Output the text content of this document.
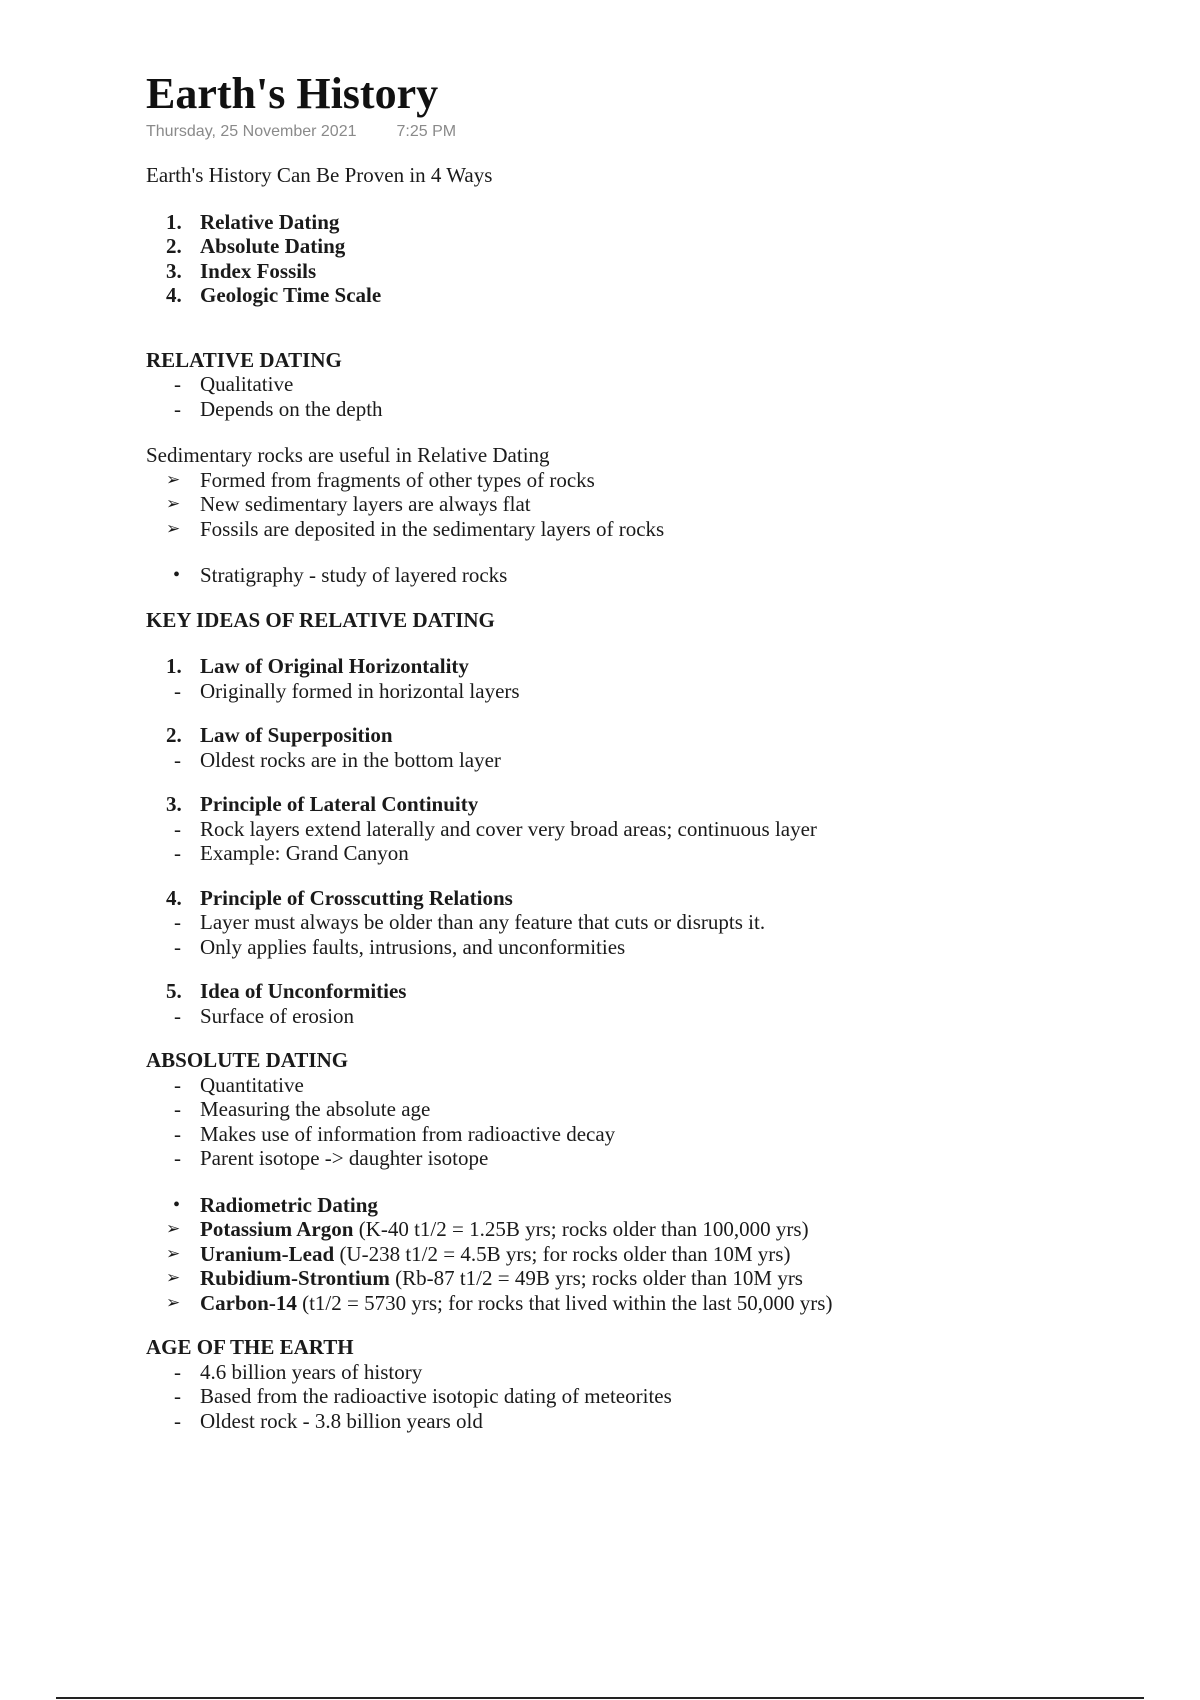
Earth's History
Thursday, 25 November 2021	7:25 PM
Earth's History Can Be Proven in 4 Ways
1. Relative Dating
2. Absolute Dating
3. Index Fossils
4. Geologic Time Scale
RELATIVE DATING
- Qualitative
- Depends on the depth
Sedimentary rocks are useful in Relative Dating
➢ Formed from fragments of other types of rocks
➢ New sedimentary layers are always flat
➢ Fossils are deposited in the sedimentary layers of rocks
• Stratigraphy - study of layered rocks
KEY IDEAS OF RELATIVE DATING
1. Law of Original Horizontality
- Originally formed in horizontal layers
2. Law of Superposition
- Oldest rocks are in the bottom layer
3. Principle of Lateral Continuity
- Rock layers extend laterally and cover very broad areas; continuous layer
- Example: Grand Canyon
4. Principle of Crosscutting Relations
- Layer must always be older than any feature that cuts or disrupts it.
- Only applies faults, intrusions, and unconformities
5. Idea of Unconformities
- Surface of erosion
ABSOLUTE DATING
- Quantitative
- Measuring the absolute age
- Makes use of information from radioactive decay
- Parent isotope -> daughter isotope
• Radiometric Dating
➢ Potassium Argon (K-40 t1/2 = 1.25B yrs; rocks older than 100,000 yrs)
➢ Uranium-Lead (U-238 t1/2 = 4.5B yrs; for rocks older than 10M yrs)
➢ Rubidium-Strontium (Rb-87 t1/2 = 49B yrs; rocks older than 10M yrs
➢ Carbon-14 (t1/2 = 5730 yrs; for rocks that lived within the last 50,000 yrs)
AGE OF THE EARTH
- 4.6 billion years of history
- Based from the radioactive isotopic dating of meteorites
- Oldest rock - 3.8 billion years old
